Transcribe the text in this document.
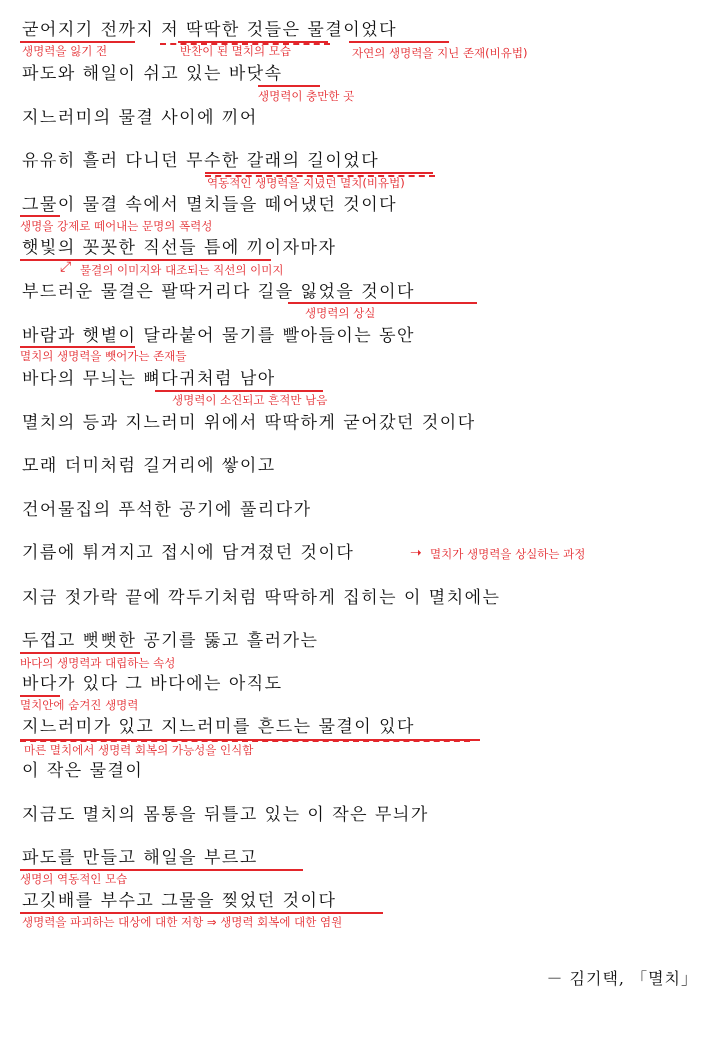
굳어지기 전까지 저 딱딱한 것들은 물결이었다
파도와 해일이 쉬고 있는 바닷속
지느러미의 물결 사이에 끼어
유유히 흘러 다니던 무수한 갈래의 길이었다
그물이 물결 속에서 멸치들을 떼어냈던 것이다
햇빛의 꼿꼿한 직선들 틈에 끼이자마자
부드러운 물결은 팔딱거리다 길을 잃었을 것이다
바람과 햇볕이 달라붙어 물기를 빨아들이는 동안
바다의 무늬는 뼈다귀처럼 남아
멸치의 등과 지느러미 위에서 딱딱하게 굳어갔던 것이다
모래 더미처럼 길거리에 쌓이고
건어물집의 푸석한 공기에 풀리다가
기름에 튀겨지고 접시에 담겨졌던 것이다
지금 젓가락 끝에 깍두기처럼 딱딱하게 집히는 이 멸치에는
두껍고 뻣뻣한 공기를 뚫고 흘러가는
바다가 있다 그 바다에는 아직도
지느러미가 있고 지느러미를 흔드는 물결이 있다
이 작은 물결이
지금도 멸치의 몸통을 뒤틀고 있는 이 작은 무늬가
파도를 만들고 해일을 부르고
고깃배를 부수고 그물을 찢었던 것이다
생명력을 잃기 전	반찬이 된 멸치의 모습	자연의 생명력을 지닌 존재(비유법)
생명력이 충만한 곳
역동적인 생명력을 지녔던 멸치(비유법)
생명을 강제로 떼어내는 문명의 폭력성
⤢ 물결의 이미지와 대조되는 직선의 이미지
생명력의 상실
멸치의 생명력을 뺏어가는 존재들
생명력이 소진되고 흔적만 남음
➝ 멸치가 생명력을 상실하는 과정
바다의 생명력과 대립하는 속성
멸치안에 숨겨진 생명력
마른 멸치에서 생명력 회복의 가능성을 인식함
생명의 역동적인 모습
생명력을 파괴하는 대상에 대한 저항 ⇒ 생명력 회복에 대한 염원
－ 김기택, 「멸치」
